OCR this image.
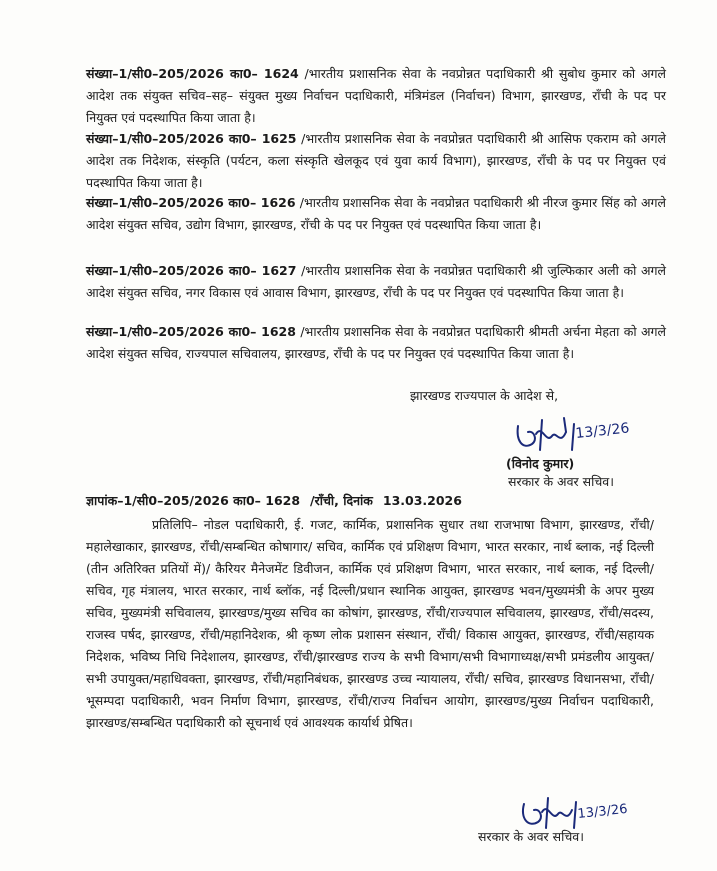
संख्या–1/सी0–205/2026 का0– 1624 /भारतीय प्रशासनिक सेवा के नवप्रोन्नत पदाधिकारी श्री सुबोध कुमार को अगले आदेश तक संयुक्त सचिव–सह– संयुक्त मुख्य निर्वाचन पदाधिकारी, मंत्रिमंडल (निर्वाचन) विभाग, झारखण्ड, राँची के पद पर नियुक्त एवं पदस्थापित किया जाता है।
संख्या–1/सी0–205/2026 का0– 1625 /भारतीय प्रशासनिक सेवा के नवप्रोन्नत पदाधिकारी श्री आसिफ एकराम को अगले आदेश तक निदेशक, संस्कृति (पर्यटन, कला संस्कृति खेलकूद एवं युवा कार्य विभाग), झारखण्ड, राँची के पद पर नियुक्त एवं पदस्थापित किया जाता है।
संख्या–1/सी0–205/2026 का0– 1626 /भारतीय प्रशासनिक सेवा के नवप्रोन्नत पदाधिकारी श्री नीरज कुमार सिंह को अगले आदेश संयुक्त सचिव, उद्योग विभाग, झारखण्ड, राँची के पद पर नियुक्त एवं पदस्थापित किया जाता है।
संख्या–1/सी0–205/2026 का0– 1627 /भारतीय प्रशासनिक सेवा के नवप्रोन्नत पदाधिकारी श्री जुल्फिकार अली को अगले आदेश संयुक्त सचिव, नगर विकास एवं आवास विभाग, झारखण्ड, राँची के पद पर नियुक्त एवं पदस्थापित किया जाता है।
संख्या–1/सी0–205/2026 का0– 1628 /भारतीय प्रशासनिक सेवा के नवप्रोन्नत पदाधिकारी श्रीमती अर्चना मेहता को अगले आदेश संयुक्त सचिव, राज्यपाल सचिवालय, झारखण्ड, राँची के पद पर नियुक्त एवं पदस्थापित किया जाता है।
झारखण्ड राज्यपाल के आदेश से,
13/3/26
(विनोद कुमार)
सरकार के अवर सचिव।
ज्ञापांक–1/सी0–205/2026 का0– 1628 /राँची, दिनांक 13.03.2026
प्रतिलिपि– नोडल पदाधिकारी, ई. गजट, कार्मिक, प्रशासनिक सुधार तथा राजभाषा विभाग, झारखण्ड, राँची/महालेखाकार, झारखण्ड, राँची/सम्बन्धित कोषागार/ सचिव, कार्मिक एवं प्रशिक्षण विभाग, भारत सरकार, नार्थ ब्लाक, नई दिल्ली (तीन अतिरिक्त प्रतियों में)/ कैरियर मैनेजमेंट डिवीजन, कार्मिक एवं प्रशिक्षण विभाग, भारत सरकार, नार्थ ब्लाक, नई दिल्ली/सचिव, गृह मंत्रालय, भारत सरकार, नार्थ ब्लॉक, नई दिल्ली/प्रधान स्थानिक आयुक्त, झारखण्ड भवन/मुख्यमंत्री के अपर मुख्य सचिव, मुख्यमंत्री सचिवालय, झारखण्ड/मुख्य सचिव का कोषांग, झारखण्ड, राँची/राज्यपाल सचिवालय, झारखण्ड, राँची/सदस्य, राजस्व पर्षद, झारखण्ड, राँची/महानिदेशक, श्री कृष्ण लोक प्रशासन संस्थान, राँची/ विकास आयुक्त, झारखण्ड, राँची/सहायक निदेशक, भविष्य निधि निदेशालय, झारखण्ड, राँची/झारखण्ड राज्य के सभी विभाग/सभी विभागाध्यक्ष/सभी प्रमंडलीय आयुक्त/सभी उपायुक्त/महाधिवक्ता, झारखण्ड, राँची/महानिबंधक, झारखण्ड उच्च न्यायालय, राँची/ सचिव, झारखण्ड विधानसभा, राँची/ भूसम्पदा पदाधिकारी, भवन निर्माण विभाग, झारखण्ड, राँची/राज्य निर्वाचन आयोग, झारखण्ड/मुख्य निर्वाचन पदाधिकारी, झारखण्ड/सम्बन्धित पदाधिकारी को सूचनार्थ एवं आवश्यक कार्यार्थ प्रेषित।
13/3/26
सरकार के अवर सचिव।
